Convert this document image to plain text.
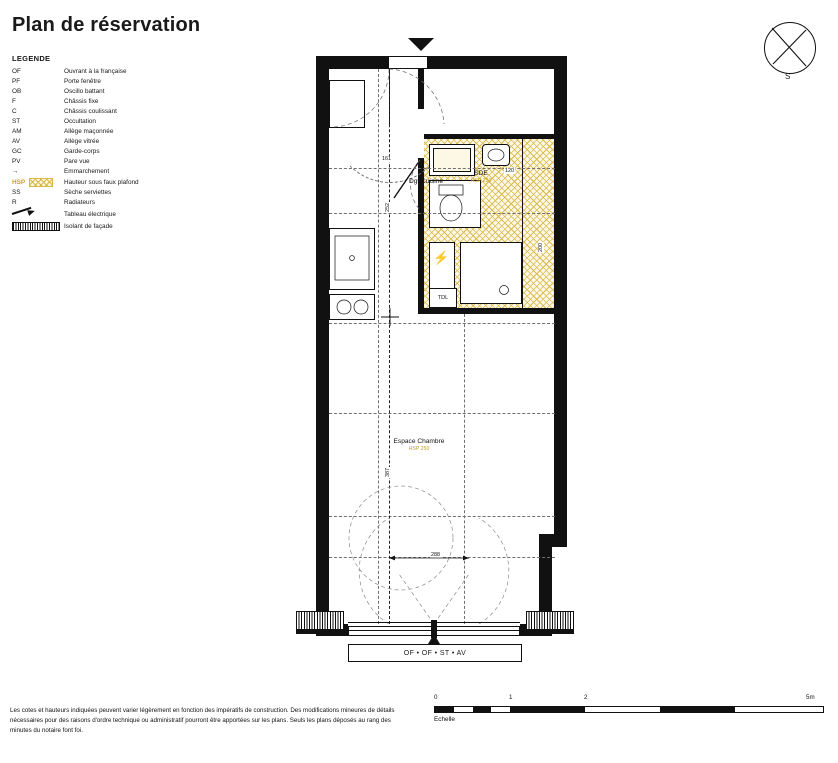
Plan de réservation
LEGENDE
OF	Ouvrant à la française
PF	Porte fenêtre
OB	Oscillo battant
F	Châssis fixe
C	Châssis coulissant
ST	Occultation
AM	Allège maçonnée
AV	Allège vitrée
GC	Garde-corps
PV	Pare vue
→	Emmarchement
HSP	Hauteur sous faux plafond
SS	Sèche serviettes
R	Radiateurs
	Tableau électrique
	Isolant de façade
S
⚡
TDL
Dgt/Cuisine
SDE
HSP 230
Espace Chambre
HSP 250
161
120
252
200
387
288
OF • OF • ST • AV
Les cotes et hauteurs indiquées peuvent varier légèrement en fonction des impératifs de construction. Des modifications mineures de détails nécessaires pour des raisons d'ordre technique ou administratif pourront être apportées sur les plans. Seuls les plans déposés au rang des minutes du notaire font foi.
0	1	2	5m
Echelle
